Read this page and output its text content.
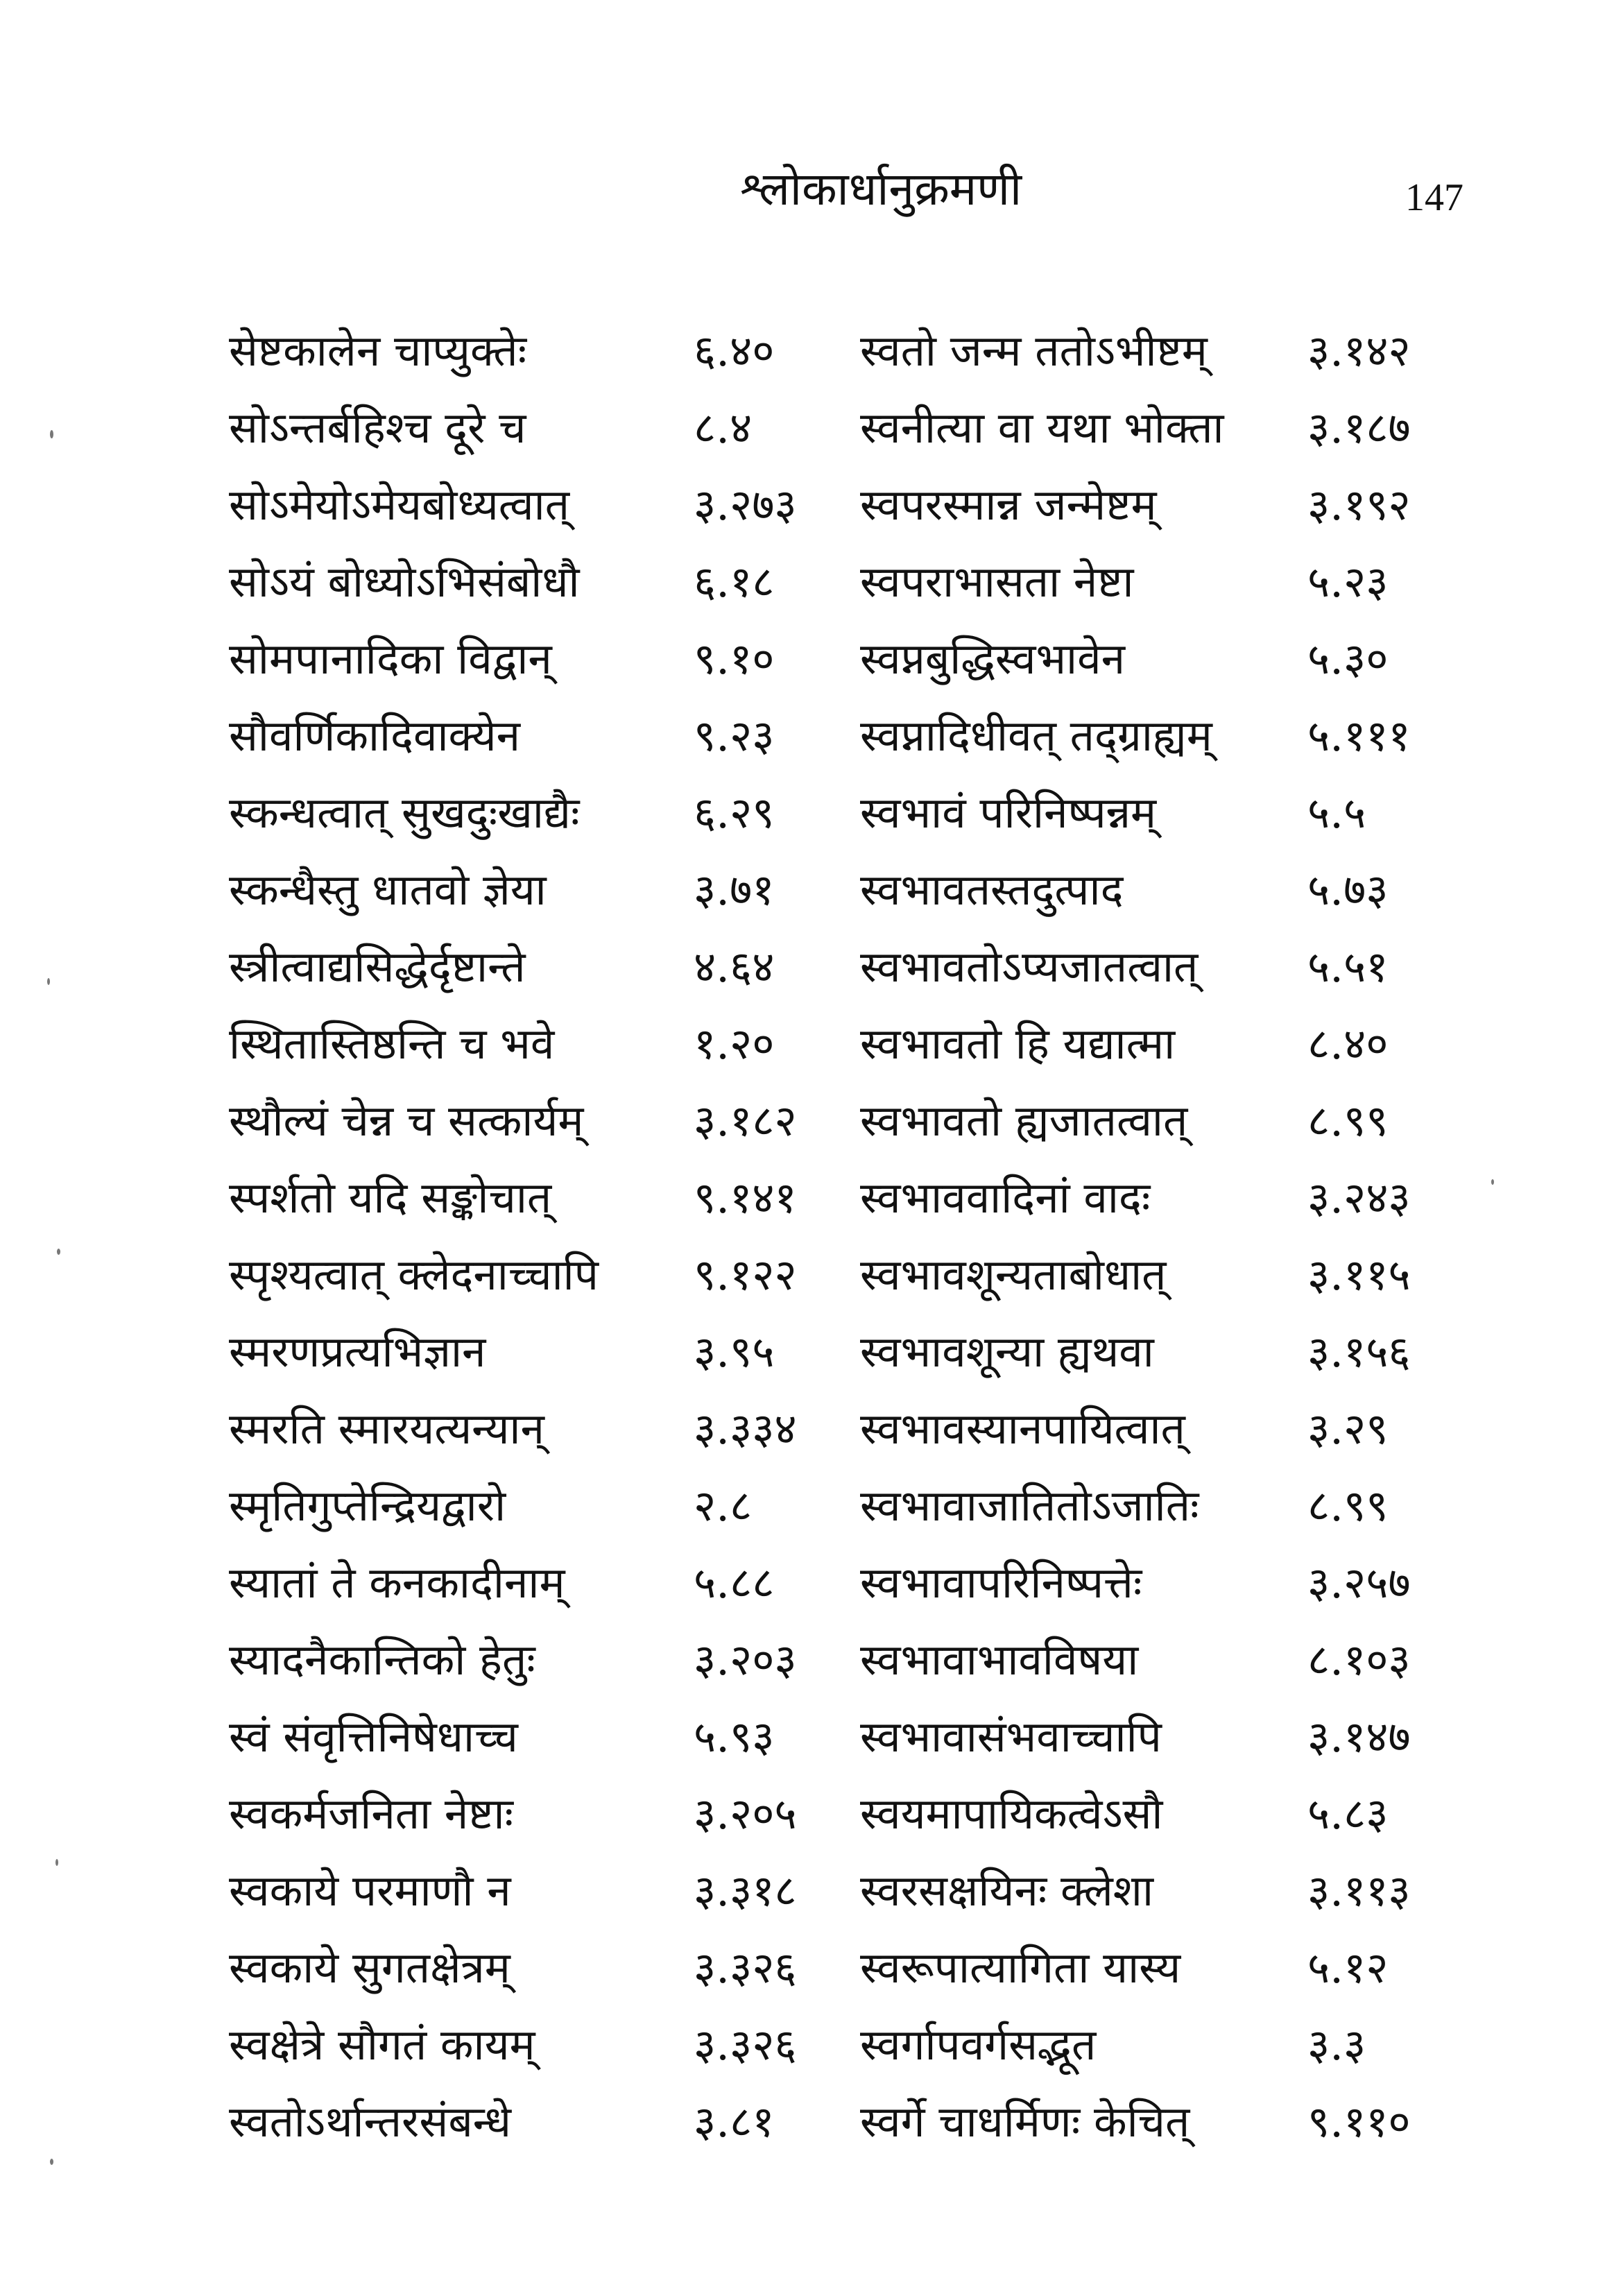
श्लोकार्धानुक्रमणी	147
सेष्टकालेन चाप्युक्तेः	६.४०	स्वतो जन्म ततोऽभीष्टम्	३.१४२
सोऽन्तर्बहिश्च दूरे च	८.४	स्वनीत्या वा यथा भोक्ता	३.१८७
सोऽमेयोऽमेयबोध्यत्वात्	३.२७३	स्वपरस्मान्न जन्मेष्टम्	३.१९२
सोऽयं बोध्योऽभिसंबोधौ	६.१८	स्वपराभासता नेष्टा	५.२३
सोमपानादिका विद्वान्	९.१०	स्वप्नबुद्धिस्वभावेन	५.३०
सौवर्णिकादिवाक्येन	९.२३	स्वप्नादिधीवत् तद्ग्राह्यम्	५.१११
स्कन्धत्वात् सुखदुःखाद्यैः	६.२९	स्वभावं परिनिष्पन्नम्	५.५
स्कन्धैस्तु धातवो ज्ञेया	३.७१	स्वभावतस्तदुत्पाद	५.७३
स्त्रीत्वाद्यसिद्धेर्दृष्टान्ते	४.६४	स्वभावतोऽप्यजातत्वात्	५.५१
स्थितास्तिष्ठन्ति च भवे	१.२०	स्वभावतो हि यद्यात्मा	८.४०
स्थौल्यं चेन्न च सत्कार्यम्	३.१८२	स्वभावतो ह्यजातत्वात्	८.९९
स्पर्शतो यदि सङ्कोचात्	९.१४१	स्वभाववादिनां वादः	३.२४३
स्पृश्यत्वात् क्लेदनाच्चापि	९.१२२	स्वभावशून्यताबोधात्	३.११५
स्मरणप्रत्यभिज्ञान	३.९५	स्वभावशून्या ह्यथवा	३.१५६
स्मरति स्मारयत्यन्यान्	३.३३४	स्वभावस्यानपायित्वात्	३.२९
स्मृतिगुप्तेन्द्रियद्वारो	२.८	स्वभावाजातितोऽजातिः	८.९९
स्यातां ते कनकादीनाम्	५.८८	स्वभावापरिनिष्पत्तेः	३.२५७
स्यादनैकान्तिको हेतुः	३.२०३	स्वभावाभावविषया	८.१०३
स्वं संवृत्तिनिषेधाच्च	५.९३	स्वभावासंभवाच्चापि	३.१४७
स्वकर्मजनिता नेष्टाः	३.२०५	स्वयमापायिकत्वेऽसौ	५.८३
स्वकाये परमाणौ न	३.३१८	स्वरसक्षयिनः क्लेशा	३.११३
स्वकाये सुगतक्षेत्रम्	३.३२६	स्वरूपात्यागिता यास्य	५.१२
स्वक्षेत्रे सौगतं कायम्	३.३२६	स्वर्गापवर्गसद्भूत	३.३
स्वतोऽर्थान्तरसंबन्धे	३.८१	स्वर्गे चाधर्मिणः केचित्	९.११०
